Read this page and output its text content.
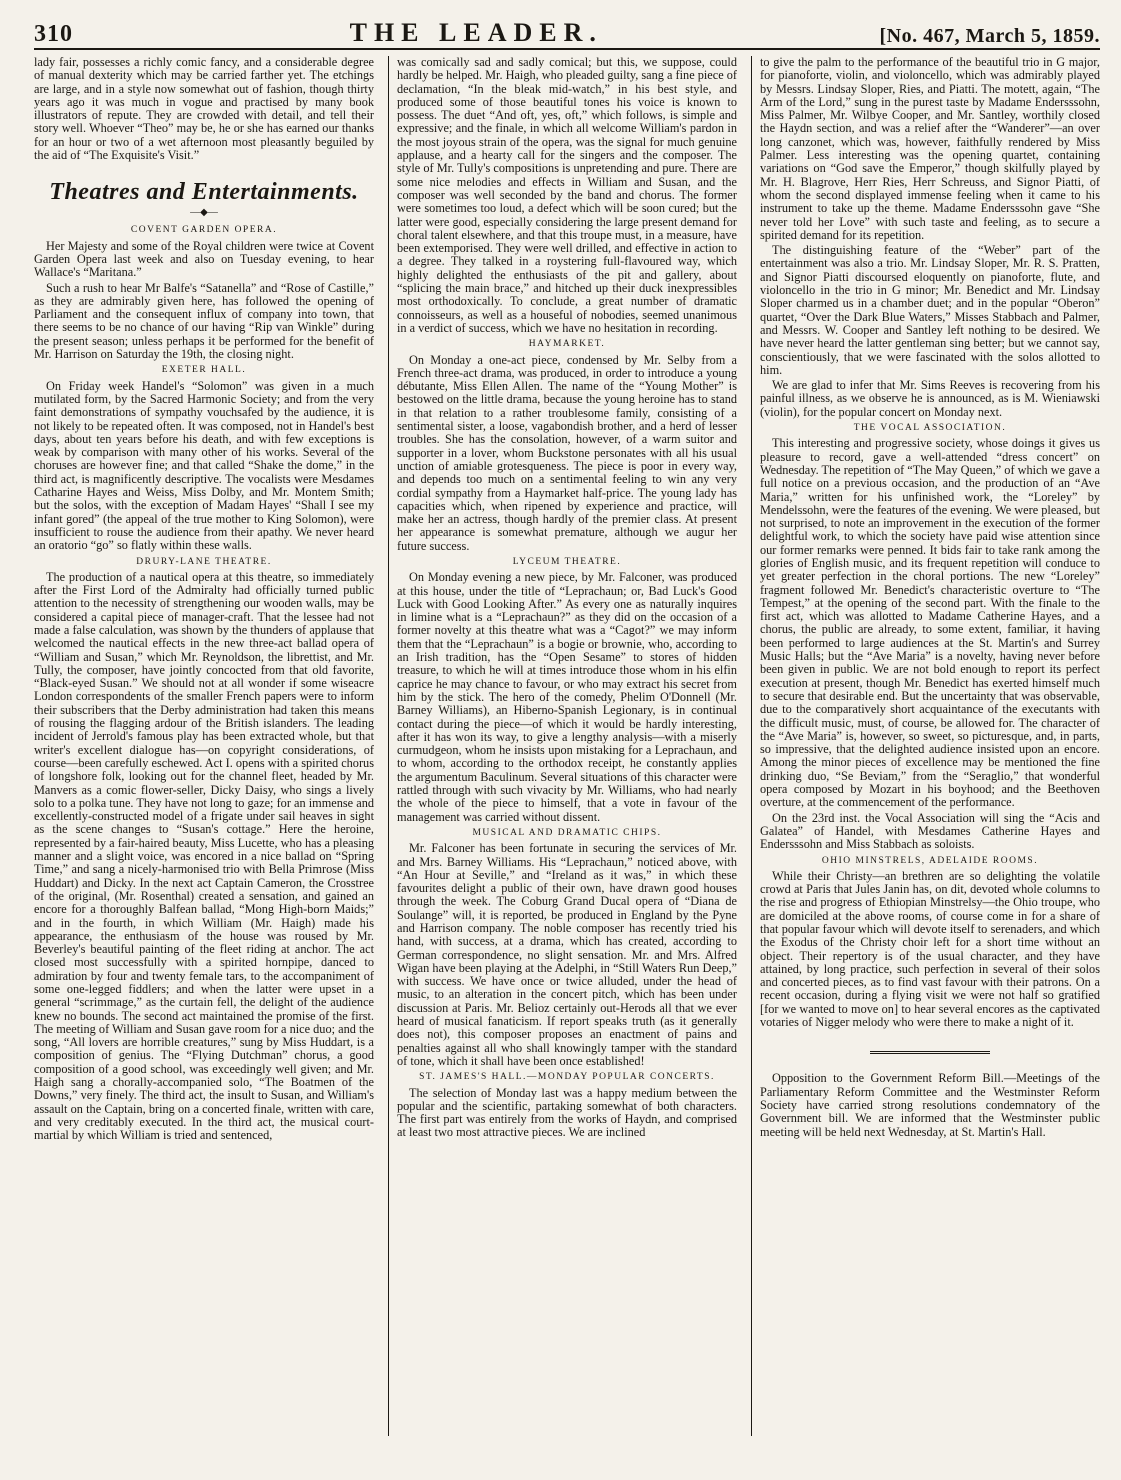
310	THE LEADER.	[No. 467, March 5, 1859.

lady fair, possesses a richly comic fancy, and a considerable degree of manual dexterity which may be carried farther yet. The etchings are large, and in a style now somewhat out of fashion, though thirty years ago it was much in vogue and practised by many book illustrators of repute. They are crowded with detail, and tell their story well. Whoever “Theo” may be, he or she has earned our thanks for an hour or two of a wet afternoon most pleasantly beguiled by the aid of “The Exquisite's Visit.”

Theatres and Entertainments.
—◆—
COVENT GARDEN OPERA.

Her Majesty and some of the Royal children were twice at Covent Garden Opera last week and also on Tuesday evening, to hear Wallace's “Maritana.”

Such a rush to hear Mr Balfe's “Satanella” and “Rose of Castille,” as they are admirably given here, has followed the opening of Parliament and the consequent influx of company into town, that there seems to be no chance of our having “Rip van Winkle” during the present season; unless perhaps it be performed for the benefit of Mr. Harrison on Saturday the 19th, the closing night.

EXETER HALL.

On Friday week Handel's “Solomon” was given in a much mutilated form, by the Sacred Harmonic Society; and from the very faint demonstrations of sympathy vouchsafed by the audience, it is not likely to be repeated often. It was composed, not in Handel's best days, about ten years before his death, and with few exceptions is weak by comparison with many other of his works. Several of the choruses are however fine; and that called “Shake the dome,” in the third act, is magnificently descriptive. The vocalists were Mesdames Catharine Hayes and Weiss, Miss Dolby, and Mr. Montem Smith; but the solos, with the exception of Madam Hayes' “Shall I see my infant gored” (the appeal of the true mother to King Solomon), were insufficient to rouse the audience from their apathy. We never heard an oratorio “go” so flatly within these walls.

DRURY-LANE THEATRE.

The production of a nautical opera at this theatre, so immediately after the First Lord of the Admiralty had officially turned public attention to the necessity of strengthening our wooden walls, may be considered a capital piece of manager-craft. That the lessee had not made a false calculation, was shown by the thunders of applause that welcomed the nautical effects in the new three-act ballad opera of “William and Susan,” which Mr. Reynoldson, the librettist, and Mr. Tully, the composer, have jointly concocted from that old favorite, “Black-eyed Susan.” We should not at all wonder if some wiseacre London correspondents of the smaller French papers were to inform their subscribers that the Derby administration had taken this means of rousing the flagging ardour of the British islanders. The leading incident of Jerrold's famous play has been extracted whole, but that writer's excellent dialogue has—on copyright considerations, of course—been carefully eschewed. Act I. opens with a spirited chorus of longshore folk, looking out for the channel fleet, headed by Mr. Manvers as a comic flower-seller, Dicky Daisy, who sings a lively solo to a polka tune. They have not long to gaze; for an immense and excellently-constructed model of a frigate under sail heaves in sight as the scene changes to “Susan's cottage.” Here the heroine, represented by a fair-haired beauty, Miss Lucette, who has a pleasing manner and a slight voice, was encored in a nice ballad on “Spring Time,” and sang a nicely-harmonised trio with Bella Primrose (Miss Huddart) and Dicky. In the next act Captain Cameron, the Crosstree of the original, (Mr. Rosenthal) created a sensation, and gained an encore for a thoroughly Balfean ballad, “Mong High-born Maids;” and in the fourth, in which William (Mr. Haigh) made his appearance, the enthusiasm of the house was roused by Mr. Beverley's beautiful painting of the fleet riding at anchor. The act closed most successfully with a spirited hornpipe, danced to admiration by four and twenty female tars, to the accompaniment of some one-legged fiddlers; and when the latter were upset in a general “scrimmage,” as the curtain fell, the delight of the audience knew no bounds. The second act maintained the promise of the first. The meeting of William and Susan gave room for a nice duo; and the song, “All lovers are horrible creatures,” sung by Miss Huddart, is a composition of genius. The “Flying Dutchman” chorus, a good composition of a good school, was exceedingly well given; and Mr. Haigh sang a chorally-accompanied solo, “The Boatmen of the Downs,” very finely. The third act, the insult to Susan, and William's assault on the Captain, bring on a concerted finale, written with care, and very creditably executed. In the third act, the musical court-martial by which William is tried and sentenced,

was comically sad and sadly comical; but this, we suppose, could hardly be helped. Mr. Haigh, who pleaded guilty, sang a fine piece of declamation, “In the bleak mid-watch,” in his best style, and produced some of those beautiful tones his voice is known to possess. The duet “And oft, yes, oft,” which follows, is simple and expressive; and the finale, in which all welcome William's pardon in the most joyous strain of the opera, was the signal for much genuine applause, and a hearty call for the singers and the composer. The style of Mr. Tully's compositions is unpretending and pure. There are some nice melodies and effects in William and Susan, and the composer was well seconded by the band and chorus. The former were sometimes too loud, a defect which will be soon cured; but the latter were good, especially considering the large present demand for choral talent elsewhere, and that this troupe must, in a measure, have been extemporised. They were well drilled, and effective in action to a degree. They talked in a roystering full-flavoured way, which highly delighted the enthusiasts of the pit and gallery, about “splicing the main brace,” and hitched up their duck inexpressibles most orthodoxically. To conclude, a great number of dramatic connoisseurs, as well as a houseful of nobodies, seemed unanimous in a verdict of success, which we have no hesitation in recording.

HAYMARKET.

On Monday a one-act piece, condensed by Mr. Selby from a French three-act drama, was produced, in order to introduce a young débutante, Miss Ellen Allen. The name of the “Young Mother” is bestowed on the little drama, because the young heroine has to stand in that relation to a rather troublesome family, consisting of a sentimental sister, a loose, vagabondish brother, and a herd of lesser troubles. She has the consolation, however, of a warm suitor and supporter in a lover, whom Buckstone personates with all his usual unction of amiable grotesqueness. The piece is poor in every way, and depends too much on a sentimental feeling to win any very cordial sympathy from a Haymarket half-price. The young lady has capacities which, when ripened by experience and practice, will make her an actress, though hardly of the premier class. At present her appearance is somewhat premature, although we augur her future success.

LYCEUM THEATRE.

On Monday evening a new piece, by Mr. Falconer, was produced at this house, under the title of “Leprachaun; or, Bad Luck's Good Luck with Good Looking After.” As every one as naturally inquires in limine what is a “Leprachaun?” as they did on the occasion of a former novelty at this theatre what was a “Cagot?” we may inform them that the “Leprachaun” is a bogie or brownie, who, according to an Irish tradition, has the “Open Sesame” to stores of hidden treasure, to which he will at times introduce those whom in his elfin caprice he may chance to favour, or who may extract his secret from him by the stick. The hero of the comedy, Phelim O'Donnell (Mr. Barney Williams), an Hiberno-Spanish Legionary, is in continual contact during the piece—of which it would be hardly interesting, after it has won its way, to give a lengthy analysis—with a miserly curmudgeon, whom he insists upon mistaking for a Leprachaun, and to whom, according to the orthodox receipt, he constantly applies the argumentum Baculinum. Several situations of this character were rattled through with such vivacity by Mr. Williams, who had nearly the whole of the piece to himself, that a vote in favour of the management was carried without dissent.

MUSICAL AND DRAMATIC CHIPS.

Mr. Falconer has been fortunate in securing the services of Mr. and Mrs. Barney Williams. His “Leprachaun,” noticed above, with “An Hour at Seville,” and “Ireland as it was,” in which these favourites delight a public of their own, have drawn good houses through the week. The Coburg Grand Ducal opera of “Diana de Soulange” will, it is reported, be produced in England by the Pyne and Harrison company. The noble composer has recently tried his hand, with success, at a drama, which has created, according to German correspondence, no slight sensation. Mr. and Mrs. Alfred Wigan have been playing at the Adelphi, in “Still Waters Run Deep,” with success. We have once or twice alluded, under the head of music, to an alteration in the concert pitch, which has been under discussion at Paris. Mr. Belioz certainly out-Herods all that we ever heard of musical fanaticism. If report speaks truth (as it generally does not), this composer proposes an enactment of pains and penalties against all who shall knowingly tamper with the standard of tone, which it shall have been once established!

ST. JAMES'S HALL.—MONDAY POPULAR CONCERTS.

The selection of Monday last was a happy medium between the popular and the scientific, partaking somewhat of both characters. The first part was entirely from the works of Haydn, and comprised at least two most attractive pieces. We are inclined

to give the palm to the performance of the beautiful trio in G major, for pianoforte, violin, and violoncello, which was admirably played by Messrs. Lindsay Sloper, Ries, and Piatti. The motett, again, “The Arm of the Lord,” sung in the purest taste by Madame Endersssohn, Miss Palmer, Mr. Wilbye Cooper, and Mr. Santley, worthily closed the Haydn section, and was a relief after the “Wanderer”—an over long canzonet, which was, however, faithfully rendered by Miss Palmer. Less interesting was the opening quartet, containing variations on “God save the Emperor,” though skilfully played by Mr. H. Blagrove, Herr Ries, Herr Schreuss, and Signor Piatti, of whom the second displayed immense feeling when it came to his instrument to take up the theme. Madame Endersssohn gave “She never told her Love” with such taste and feeling, as to secure a spirited demand for its repetition.

The distinguishing feature of the “Weber” part of the entertainment was also a trio. Mr. Lindsay Sloper, Mr. R. S. Pratten, and Signor Piatti discoursed eloquently on pianoforte, flute, and violoncello in the trio in G minor; Mr. Benedict and Mr. Lindsay Sloper charmed us in a chamber duet; and in the popular “Oberon” quartet, “Over the Dark Blue Waters,” Misses Stabbach and Palmer, and Messrs. W. Cooper and Santley left nothing to be desired. We have never heard the latter gentleman sing better; but we cannot say, conscientiously, that we were fascinated with the solos allotted to him.

We are glad to infer that Mr. Sims Reeves is recovering from his painful illness, as we observe he is announced, as is M. Wieniawski (violin), for the popular concert on Monday next.

THE VOCAL ASSOCIATION.

This interesting and progressive society, whose doings it gives us pleasure to record, gave a well-attended “dress concert” on Wednesday. The repetition of “The May Queen,” of which we gave a full notice on a previous occasion, and the production of an “Ave Maria,” written for his unfinished work, the “Loreley” by Mendelssohn, were the features of the evening. We were pleased, but not surprised, to note an improvement in the execution of the former delightful work, to which the society have paid wise attention since our former remarks were penned. It bids fair to take rank among the glories of English music, and its frequent repetition will conduce to yet greater perfection in the choral portions. The new “Loreley” fragment followed Mr. Benedict's characteristic overture to “The Tempest,” at the opening of the second part. With the finale to the first act, which was allotted to Madame Catherine Hayes, and a chorus, the public are already, to some extent, familiar, it having been performed to large audiences at the St. Martin's and Surrey Music Halls; but the “Ave Maria” is a novelty, having never before been given in public. We are not bold enough to report its perfect execution at present, though Mr. Benedict has exerted himself much to secure that desirable end. But the uncertainty that was observable, due to the comparatively short acquaintance of the executants with the difficult music, must, of course, be allowed for. The character of the “Ave Maria” is, however, so sweet, so picturesque, and, in parts, so impressive, that the delighted audience insisted upon an encore. Among the minor pieces of excellence may be mentioned the fine drinking duo, “Se Beviam,” from the “Seraglio,” that wonderful opera composed by Mozart in his boyhood; and the Beethoven overture, at the commencement of the performance.

On the 23rd inst. the Vocal Association will sing the “Acis and Galatea” of Handel, with Mesdames Catherine Hayes and Endersssohn and Miss Stabbach as soloists.

OHIO MINSTRELS, ADELAIDE ROOMS.

While their Christy—an brethren are so delighting the volatile crowd at Paris that Jules Janin has, on dit, devoted whole columns to the rise and progress of Ethiopian Minstrelsy—the Ohio troupe, who are domiciled at the above rooms, of course come in for a share of that popular favour which will devote itself to serenaders, and which the Exodus of the Christy choir left for a short time without an object. Their repertory is of the usual character, and they have attained, by long practice, such perfection in several of their solos and concerted pieces, as to find vast favour with their patrons. On a recent occasion, during a flying visit we were not half so gratified [for we wanted to move on] to hear several encores as the captivated votaries of Nigger melody who were there to make a night of it.

Opposition to the Government Reform Bill.—Meetings of the Parliamentary Reform Committee and the Westminster Reform Society have carried strong resolutions condemnatory of the Government bill. We are informed that the Westminster public meeting will be held next Wednesday, at St. Martin's Hall.
